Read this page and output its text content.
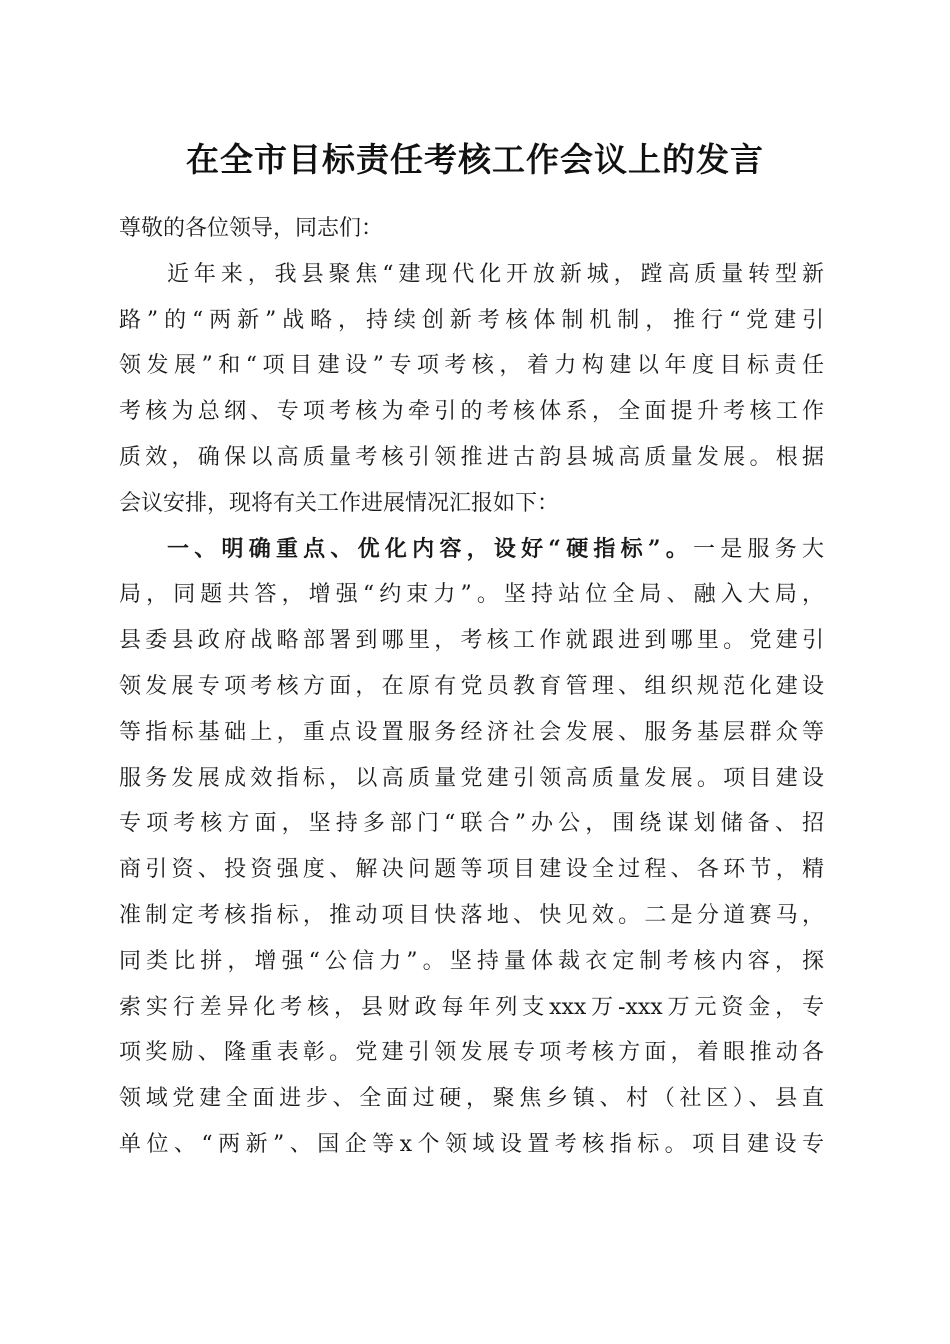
在全市目标责任考核工作会议上的发言
尊敬的各位领导，同志们：
近年来，我县聚焦“建现代化开放新城，蹚高质量转型新
路”的“两新”战略，持续创新考核体制机制，推行“党建引
领发展”和“项目建设”专项考核，着力构建以年度目标责任
考核为总纲、专项考核为牵引的考核体系，全面提升考核工作
质效，确保以高质量考核引领推进古韵县城高质量发展。根据
会议安排，现将有关工作进展情况汇报如下：
一、明确重点、优化内容，设好“硬指标”。一是服务大
局，同题共答，增强“约束力”。坚持站位全局、融入大局，
县委县政府战略部署到哪里，考核工作就跟进到哪里。党建引
领发展专项考核方面，在原有党员教育管理、组织规范化建设
等指标基础上，重点设置服务经济社会发展、服务基层群众等
服务发展成效指标，以高质量党建引领高质量发展。项目建设
专项考核方面，坚持多部门“联合”办公，围绕谋划储备、招
商引资、投资强度、解决问题等项目建设全过程、各环节，精
准制定考核指标，推动项目快落地、快见效。二是分道赛马，
同类比拼，增强“公信力”。坚持量体裁衣定制考核内容，探
索实行差异化考核，县财政每年列支xxx万-xxx万元资金，专
项奖励、隆重表彰。党建引领发展专项考核方面，着眼推动各
领域党建全面进步、全面过硬，聚焦乡镇、村（社区）、县直
单位、“两新”、国企等x个领域设置考核指标。项目建设专
